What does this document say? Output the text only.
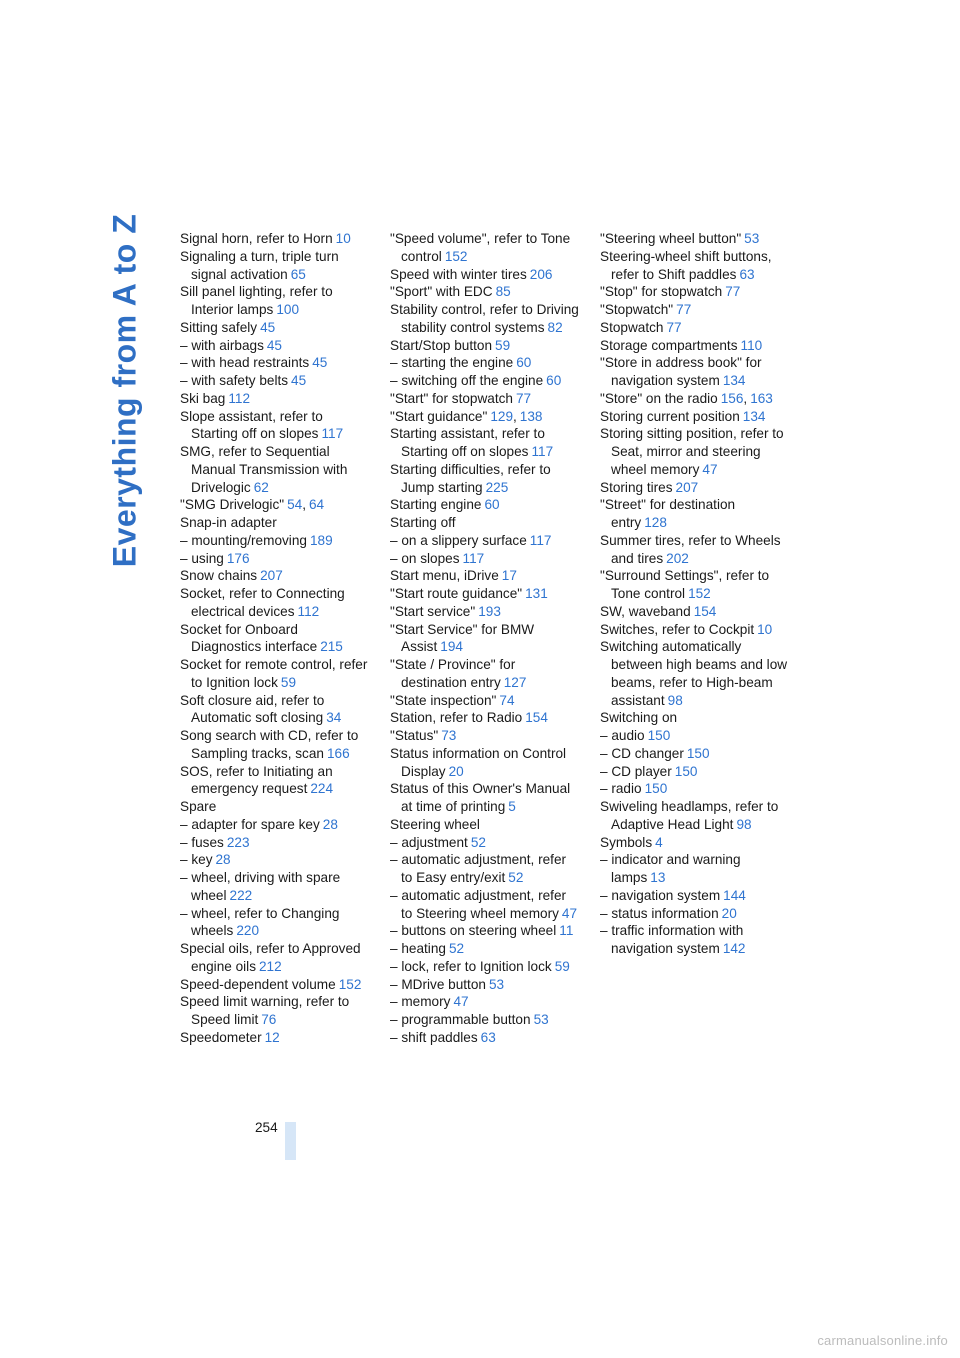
Everything from A to Z	Signal horn, refer to Horn 10
Signaling a turn, triple turn signal activation 65
Sill panel lighting, refer to Interior lamps 100
Sitting safely 45
– with airbags 45
– with head restraints 45
– with safety belts 45
Ski bag 112
Slope assistant, refer to Starting off on slopes 117
SMG, refer to Sequential Manual Transmission with Drivelogic 62
"SMG Drivelogic" 54, 64
Snap-in adapter
– mounting/removing 189
– using 176
Snow chains 207
Socket, refer to Connecting electrical devices 112
Socket for Onboard Diagnostics interface 215
Socket for remote control, refer to Ignition lock 59
Soft closure aid, refer to Automatic soft closing 34
Song search with CD, refer to Sampling tracks, scan 166
SOS, refer to Initiating an emergency request 224
Spare
– adapter for spare key 28
– fuses 223
– key 28
– wheel, driving with spare wheel 222
– wheel, refer to Changing wheels 220
Special oils, refer to Approved engine oils 212
Speed-dependent volume 152
Speed limit warning, refer to Speed limit 76
Speedometer 12
"Speed volume", refer to Tone control 152
Speed with winter tires 206
"Sport" with EDC 85
Stability control, refer to Driving stability control systems 82
Start/Stop button 59
– starting the engine 60
– switching off the engine 60
"Start" for stopwatch 77
"Start guidance" 129, 138
Starting assistant, refer to Starting off on slopes 117
Starting difficulties, refer to Jump starting 225
Starting engine 60
Starting off
– on a slippery surface 117
– on slopes 117
Start menu, iDrive 17
"Start route guidance" 131
"Start service" 193
"Start Service" for BMW Assist 194
"State / Province" for destination entry 127
"State inspection" 74
Station, refer to Radio 154
"Status" 73
Status information on Control Display 20
Status of this Owner's Manual at time of printing 5
Steering wheel
– adjustment 52
– automatic adjustment, refer to Easy entry/exit 52
– automatic adjustment, refer to Steering wheel memory 47
– buttons on steering wheel 11
– heating 52
– lock, refer to Ignition lock 59
– MDrive button 53
– memory 47
– programmable button 53
– shift paddles 63
"Steering wheel button" 53
Steering-wheel shift buttons, refer to Shift paddles 63
"Stop" for stopwatch 77
"Stopwatch" 77
Stopwatch 77
Storage compartments 110
"Store in address book" for navigation system 134
"Store" on the radio 156, 163
Storing current position 134
Storing sitting position, refer to Seat, mirror and steering wheel memory 47
Storing tires 207
"Street" for destination entry 128
Summer tires, refer to Wheels and tires 202
"Surround Settings", refer to Tone control 152
SW, waveband 154
Switches, refer to Cockpit 10
Switching automatically between high beams and low beams, refer to High-beam assistant 98
Switching on
– audio 150
– CD changer 150
– CD player 150
– radio 150
Swiveling headlamps, refer to Adaptive Head Light 98
Symbols 4
– indicator and warning lamps 13
– navigation system 144
– status information 20
– traffic information with navigation system 142
254
carmanualsonline.info
